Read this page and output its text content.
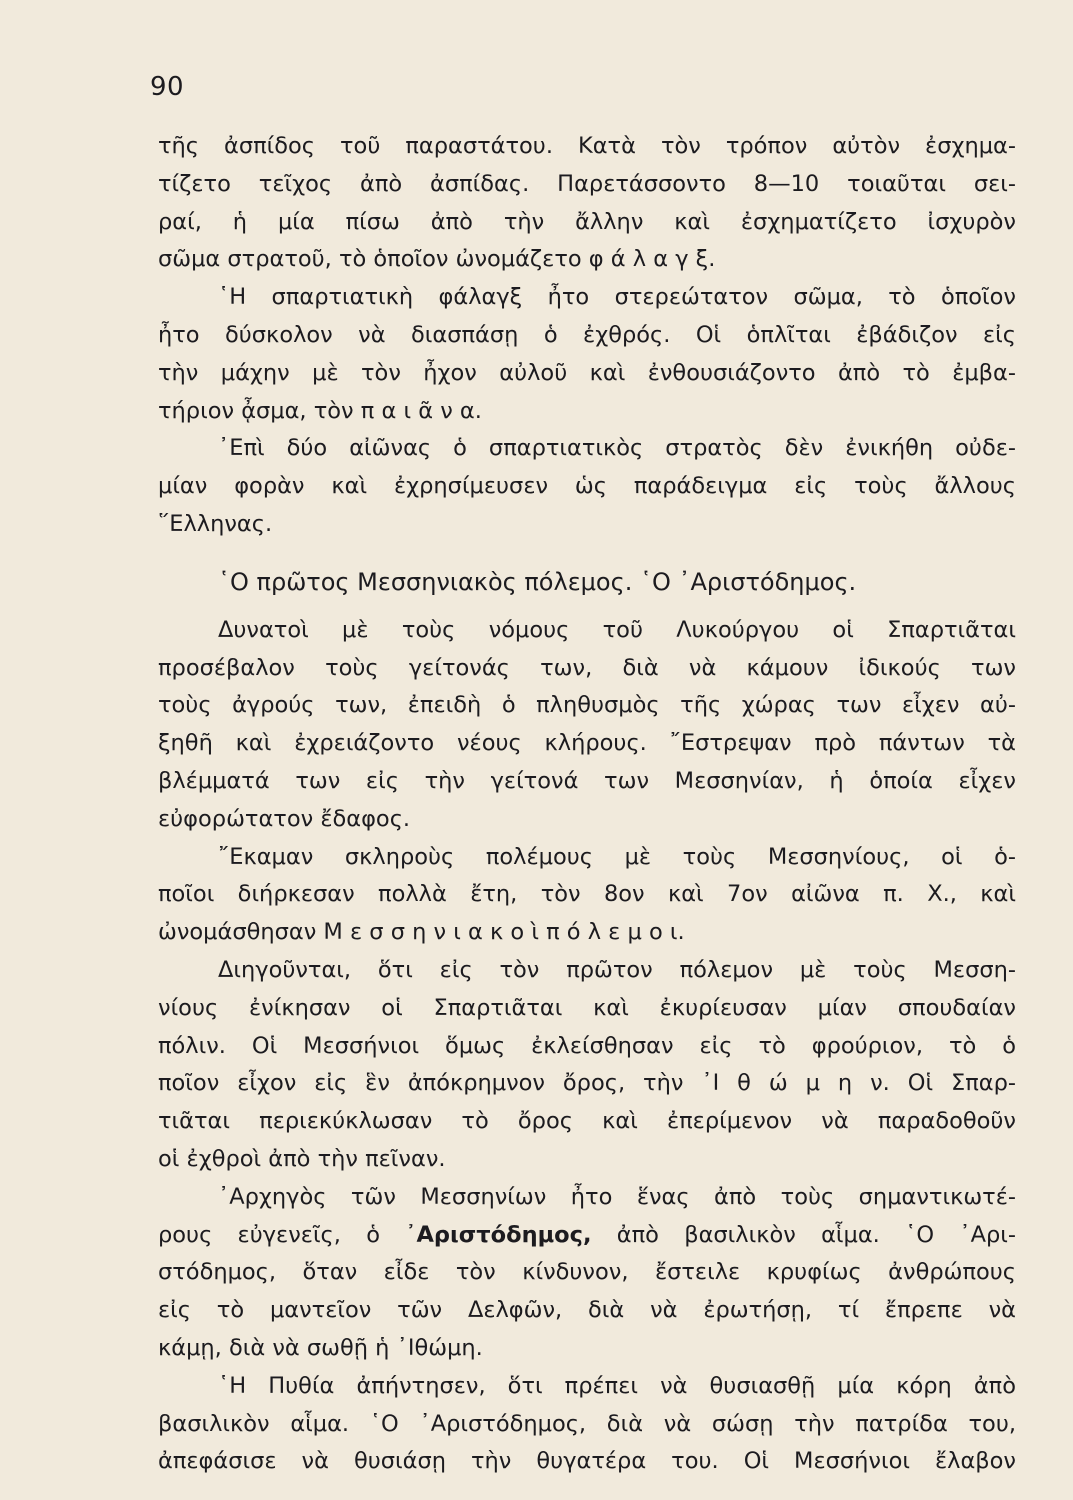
90
τῆς ἀσπίδος τοῦ παραστάτου. Κατὰ τὸν τρόπον αὐτὸν ἐσχημα-
τίζετο τεῖχος ἀπὸ ἀσπίδας. Παρετάσσοντο 8—10 τοιαῦται σει-
ραί, ἡ μία πίσω ἀπὸ τὴν ἄλλην καὶ ἐσχηματίζετο ἰσχυρὸν
σῶμα στρατοῦ, τὸ ὁποῖον ὠνομάζετο φ ά λ α γ ξ.
῾Η σπαρτιατικὴ φάλαγξ ἦτο στερεώτατον σῶμα, τὸ ὁποῖον
ἦτο δύσκολον νὰ διασπάσῃ ὁ ἐχθρός. Οἱ ὁπλῖται ἐβάδιζον εἰς
τὴν μάχην μὲ τὸν ἦχον αὐλοῦ καὶ ἐνθουσιάζοντο ἀπὸ τὸ ἐμβα-
τήριον ᾆσμα, τὸν π α ι ᾶ ν α.
᾿Επὶ δύο αἰῶνας ὁ σπαρτιατικὸς στρατὸς δὲν ἐνικήθη οὐδε-
μίαν φορὰν καὶ ἐχρησίμευσεν ὡς παράδειγμα εἰς τοὺς ἄλλους
῞Ελληνας.
῾Ο πρῶτος Μεσσηνιακὸς πόλεμος. ῾Ο ᾿Αριστόδημος.
Δυνατοὶ μὲ τοὺς νόμους τοῦ Λυκούργου οἱ Σπαρτιᾶται
προσέβαλον τοὺς γείτονάς των, διὰ νὰ κάμουν ἰδικούς των
τοὺς ἀγρούς των, ἐπειδὴ ὁ πληθυσμὸς τῆς χώρας των εἶχεν αὐ-
ξηθῆ καὶ ἐχρειάζοντο νέους κλήρους. ῎Εστρεψαν πρὸ πάντων τὰ
βλέμματά των εἰς τὴν γείτονά των Μεσσηνίαν, ἡ ὁποία εἶχεν
εὐφορώτατον ἔδαφος.
῎Εκαμαν σκληροὺς πολέμους μὲ τοὺς Μεσσηνίους, οἱ ὁ-
ποῖοι διήρκεσαν πολλὰ ἔτη, τὸν 8ον καὶ 7ον αἰῶνα π. Χ., καὶ
ὠνομάσθησαν Μ ε σ σ η ν ι α κ ο ὶ π ό λ ε μ ο ι.
Διηγοῦνται, ὅτι εἰς τὸν πρῶτον πόλεμον μὲ τοὺς Μεσση-
νίους ἐνίκησαν οἱ Σπαρτιᾶται καὶ ἐκυρίευσαν μίαν σπουδαίαν
πόλιν. Οἱ Μεσσήνιοι ὅμως ἐκλείσθησαν εἰς τὸ φρούριον, τὸ ὁ
ποῖον εἶχον εἰς ἓν ἀπόκρημνον ὄρος, τὴν ᾿Ι θ ώ μ η ν. Οἱ Σπαρ-
τιᾶται περιεκύκλωσαν τὸ ὄρος καὶ ἐπερίμενον νὰ παραδοθοῦν
οἱ ἐχθροὶ ἀπὸ τὴν πεῖναν.
᾿Αρχηγὸς τῶν Μεσσηνίων ἦτο ἕνας ἀπὸ τοὺς σημαντικωτέ-
ρους εὐγενεῖς, ὁ ᾿Αριστόδημος, ἀπὸ βασιλικὸν αἷμα. ῾Ο ᾿Αρι-
στόδημος, ὅταν εἶδε τὸν κίνδυνον, ἔστειλε κρυφίως ἀνθρώπους
εἰς τὸ μαντεῖον τῶν Δελφῶν, διὰ νὰ ἐρωτήσῃ, τί ἔπρεπε νὰ
κάμῃ, διὰ νὰ σωθῇ ἡ ᾿Ιθώμη.
῾Η Πυθία ἀπήντησεν, ὅτι πρέπει νὰ θυσιασθῇ μία κόρη ἀπὸ
βασιλικὸν αἷμα. ῾Ο ᾿Αριστόδημος, διὰ νὰ σώσῃ τὴν πατρίδα του,
ἀπεφάσισε νὰ θυσιάσῃ τὴν θυγατέρα του. Οἱ Μεσσήνιοι ἔλαβον
